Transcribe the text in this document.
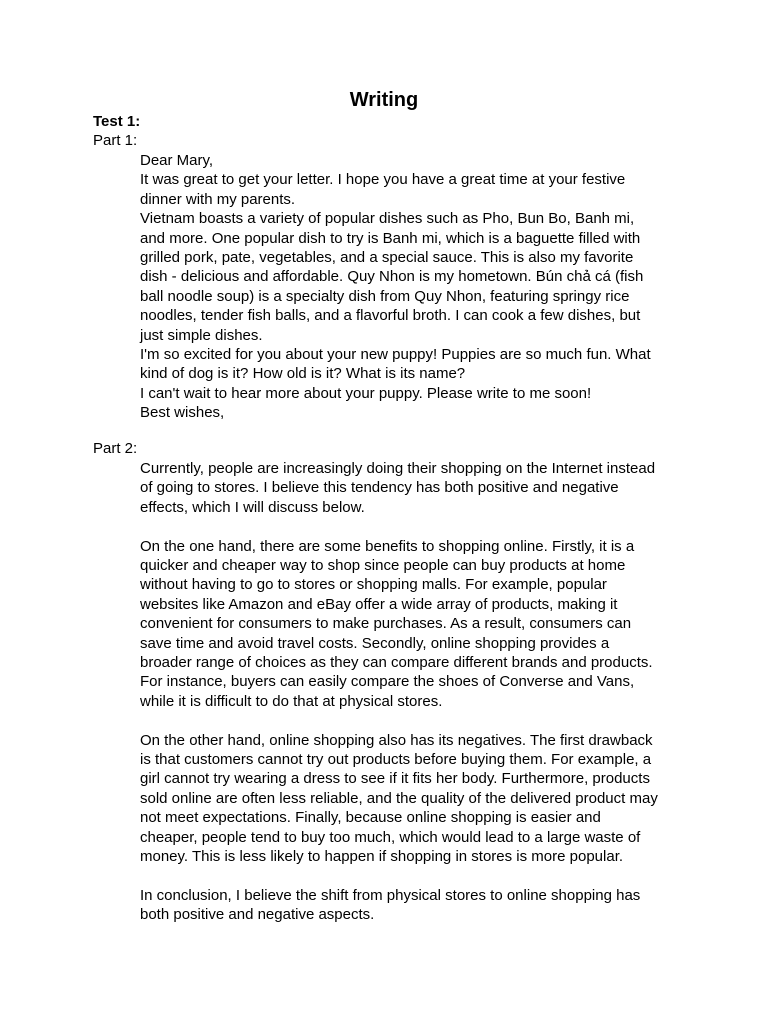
Writing
Test 1:
Part 1:

Dear Mary,

It was great to get your letter. I hope you have a great time at your festive

dinner with my parents.

Vietnam boasts a variety of popular dishes such as Pho, Bun Bo, Banh mi,

and more. One popular dish to try is Banh mi, which is a baguette filled with

grilled pork, pate, vegetables, and a special sauce. This is also my favorite

dish - delicious and affordable. Quy Nhon is my hometown. Bún chả cá (fish

ball noodle soup) is a specialty dish from Quy Nhon, featuring springy rice

noodles, tender fish balls, and a flavorful broth. I can cook a few dishes, but

just simple dishes.

I'm so excited for you about your new puppy! Puppies are so much fun. What

kind of dog is it? How old is it? What is its name?

I can't wait to hear more about your puppy. Please write to me soon!

Best wishes,

Part 2:

Currently, people are increasingly doing their shopping on the Internet instead

of going to stores. I believe this tendency has both positive and negative

effects, which I will discuss below.

On the one hand, there are some benefits to shopping online. Firstly, it is a

quicker and cheaper way to shop since people can buy products at home

without having to go to stores or shopping malls. For example, popular

websites like Amazon and eBay offer a wide array of products, making it

convenient for consumers to make purchases. As a result, consumers can

save time and avoid travel costs. Secondly, online shopping provides a

broader range of choices as they can compare different brands and products.

For instance, buyers can easily compare the shoes of Converse and Vans,

while it is difficult to do that at physical stores.

On the other hand, online shopping also has its negatives. The first drawback

is that customers cannot try out products before buying them. For example, a

girl cannot try wearing a dress to see if it fits her body. Furthermore, products

sold online are often less reliable, and the quality of the delivered product may

not meet expectations. Finally, because online shopping is easier and

cheaper, people tend to buy too much, which would lead to a large waste of

money. This is less likely to happen if shopping in stores is more popular.

In conclusion, I believe the shift from physical stores to online shopping has

both positive and negative aspects.
